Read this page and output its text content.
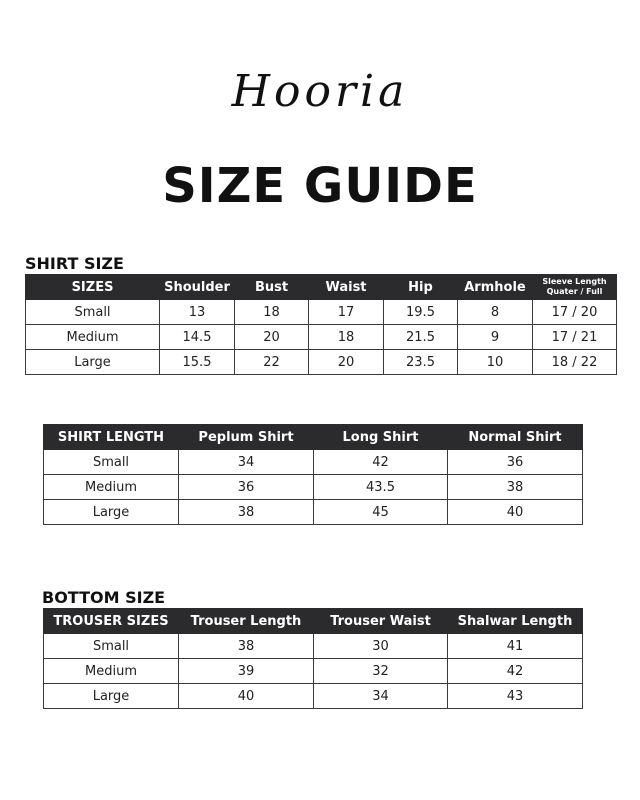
Hooria
SIZE GUIDE
SHIRT SIZE
SIZES	Shoulder	Bust	Waist	Hip	Armhole	Sleeve Length
Quater / Full
Small	13	18	17	19.5	8	17 / 20
Medium	14.5	20	18	21.5	9	17 / 21
Large	15.5	22	20	23.5	10	18 / 22
SHIRT LENGTH	Peplum Shirt	Long Shirt	Normal Shirt
Small	34	42	36
Medium	36	43.5	38
Large	38	45	40
BOTTOM SIZE
TROUSER SIZES	Trouser Length	Trouser Waist	Shalwar Length
Small	38	30	41
Medium	39	32	42
Large	40	34	43
